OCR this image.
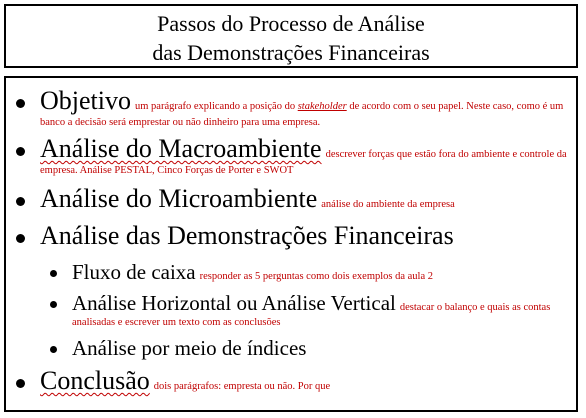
Passos do Processo de Análise
das Demonstrações Financeiras
Objetivo um parágrafo explicando a posição do stakeholder de acordo com o seu papel. Neste caso, como é um banco a decisão será emprestar ou não dinheiro para uma empresa.
Análise do Macroambiente descrever forças que estão fora do ambiente e controle da empresa. Análise PESTAL, Cinco Forças de Porter e SWOT
Análise do Microambiente análise do ambiente da empresa
Análise das Demonstrações Financeiras
Fluxo de caixa responder as 5 perguntas como dois exemplos da aula 2
Análise Horizontal ou Análise Vertical destacar o balanço e quais as contas analisadas e escrever um texto com as conclusões
Análise por meio de índices
Conclusão dois parágrafos: empresta ou não. Por que
